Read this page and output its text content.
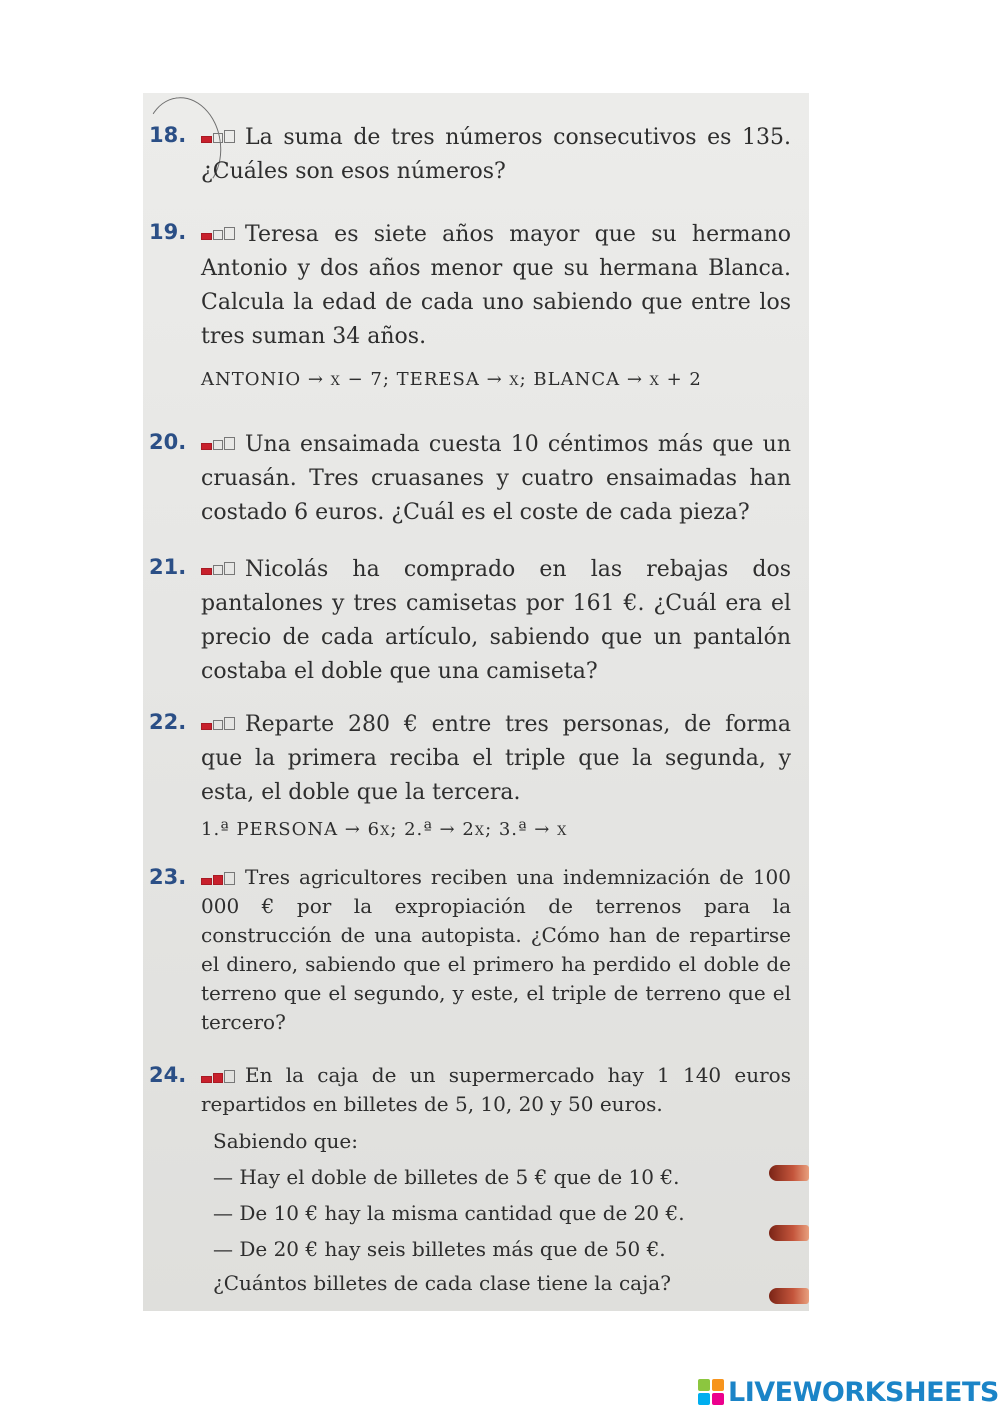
18.	La suma de tres números consecutivos es 135. ¿Cuáles son esos números?
19.	Teresa es siete años mayor que su hermano Antonio y dos años menor que su hermana Blanca. Calcula la edad de cada uno sabiendo que entre los tres suman 34 años.
ANTONIO → x − 7; TERESA → x; BLANCA → x + 2
20.	Una ensaimada cuesta 10 céntimos más que un cruasán. Tres cruasanes y cuatro ensaimadas han costado 6 euros. ¿Cuál es el coste de cada pieza?
21.	Nicolás ha comprado en las rebajas dos pantalones y tres camisetas por 161 €. ¿Cuál era el precio de cada artículo, sabiendo que un pantalón costaba el doble que una camiseta?
22.	Reparte 280 € entre tres personas, de forma que la primera reciba el triple que la segunda, y esta, el doble que la tercera.
1.ª PERSONA → 6x; 2.ª → 2x; 3.ª → x
23.	Tres agricultores reciben una indemnización de 100 000 € por la expropiación de terrenos para la construcción de una autopista. ¿Cómo han de repartirse el dinero, sabiendo que el primero ha perdido el doble de terreno que el segundo, y este, el triple de terreno que el tercero?
24.	En la caja de un supermercado hay 1 140 euros repartidos en billetes de 5, 10, 20 y 50 euros.
Sabiendo que:
— Hay el doble de billetes de 5 € que de 10 €.
— De 10 € hay la misma cantidad que de 20 €.
— De 20 € hay seis billetes más que de 50 €.
¿Cuántos billetes de cada clase tiene la caja?
LIVEWORKSHEETS
